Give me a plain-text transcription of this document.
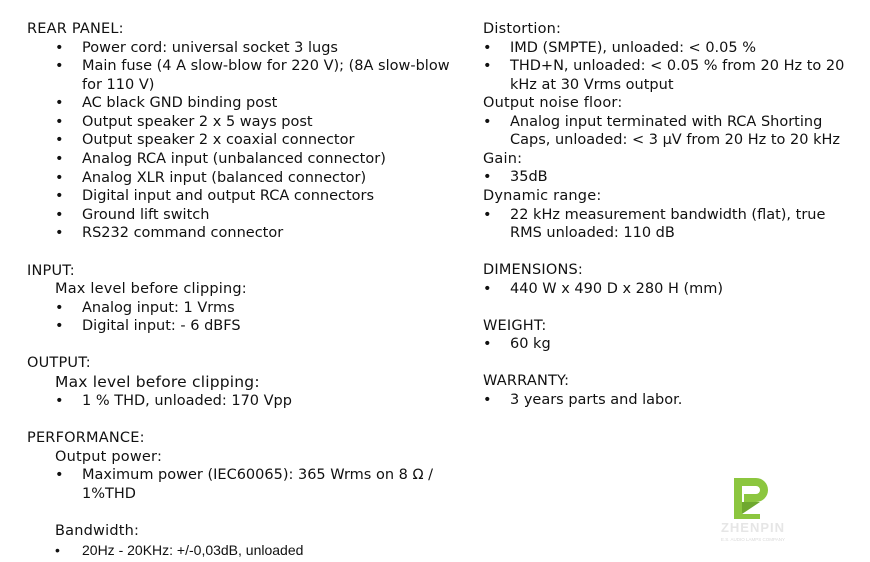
REAR PANEL:

•	Power cord: universal socket 3 lugs
•	Main fuse (4 A slow-blow for 220 V); (8A slow-blow for 110 V)
•	AC black GND binding post
•	Output speaker 2 x 5 ways post
•	Output speaker 2 x coaxial connector
•	Analog RCA input (unbalanced connector)
•	Analog XLR input (balanced connector)
•	Digital input and output RCA connectors
•	Ground lift switch
•	RS232 command connector

INPUT:

Max level before clipping:

•	Analog input: 1 Vrms
•	Digital input: - 6 dBFS

OUTPUT:

Max level before clipping:

•	1 % THD, unloaded: 170 Vpp

PERFORMANCE:

Output power:

•	Maximum power (IEC60065): 365 Wrms on 8 Ω / 1%THD

Bandwidth:

•	20Hz - 20KHz: +/-0,03dB, unloaded

Distortion:

•	IMD (SMPTE), unloaded: < 0.05 %
•	THD+N, unloaded: < 0.05 % from 20 Hz to 20 kHz at 30 Vrms output

Output noise floor:

•	Analog input terminated with RCA Shorting Caps, unloaded: < 3 μV from 20 Hz to 20 kHz

Gain:

•	35dB

Dynamic range:

•	22 kHz measurement bandwidth (flat), true RMS unloaded: 110 dB

DIMENSIONS:

•	440 W x 490 D x 280 H (mm)

WEIGHT:

•	60 kg

WARRANTY:

•	3 years parts and labor.
ZHENPIN
E.S. AUDIO LAMPS COMPANY
